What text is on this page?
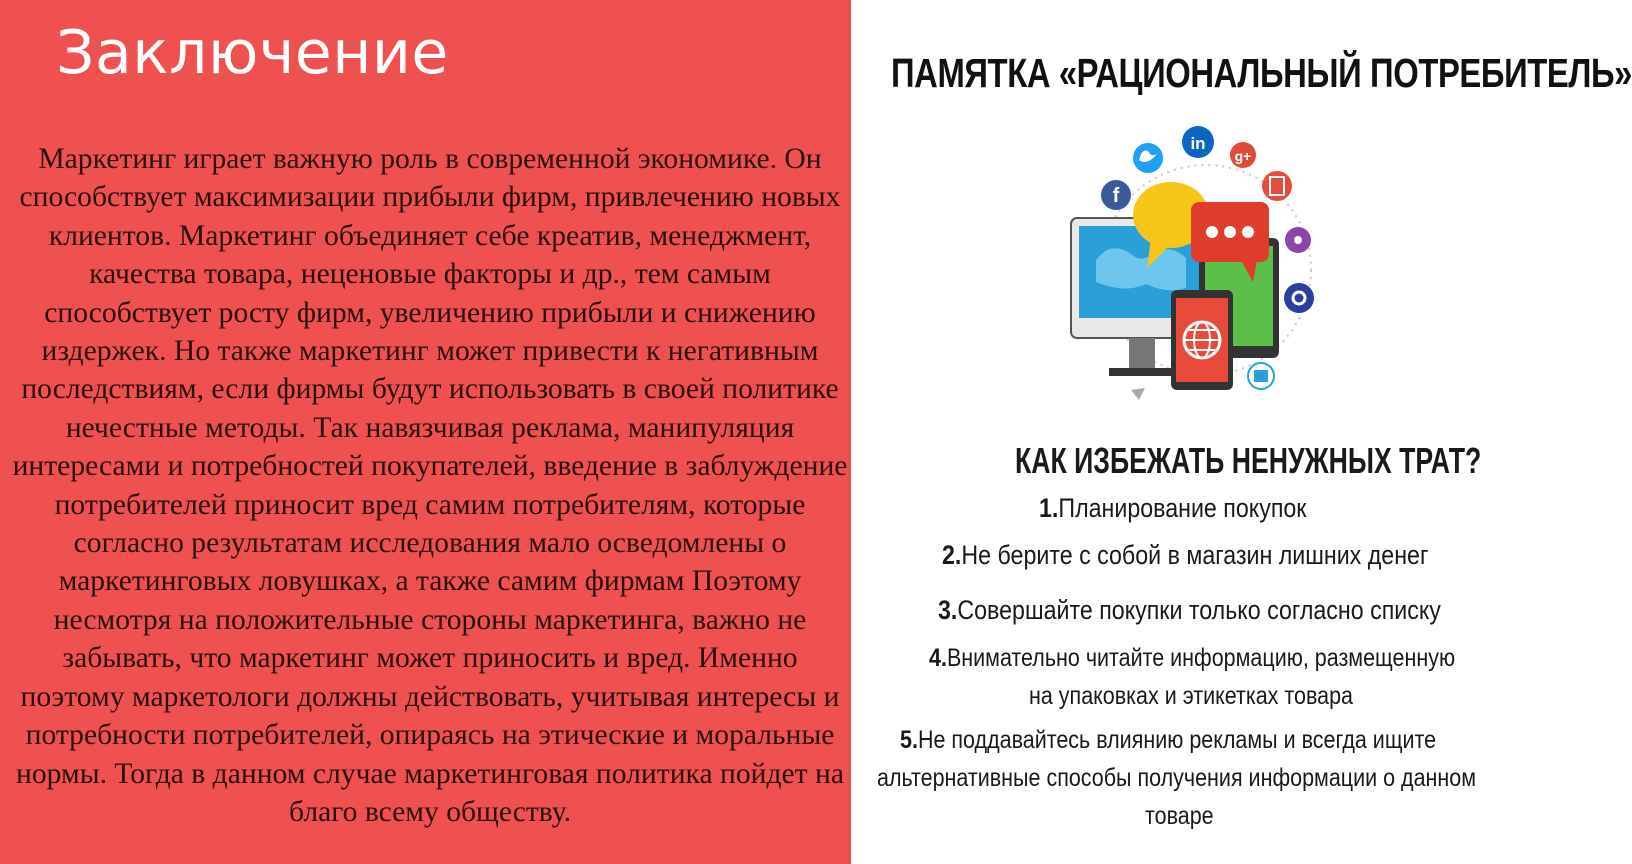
Заключение
Маркетинг играет важную роль в современной экономике. Он способствует максимизации прибыли фирм, привлечению новых клиентов. Маркетинг объединяет себе креатив, менеджмент, качества товара, неценовые факторы и др., тем самым способствует росту фирм, увеличению прибыли и снижению издержек. Но также маркетинг может привести к негативным последствиям, если фирмы будут использовать в своей политике нечестные методы. Так навязчивая реклама, манипуляция интересами и потребностей покупателей, введение в заблуждение потребителей приносит вред самим потребителям, которые согласно результатам исследования мало осведомлены о маркетинговых ловушках, а также самим фирмам Поэтому несмотря на положительные стороны маркетинга, важно не забывать, что маркетинг может приносить и вред. Именно поэтому маркетологи должны действовать, учитывая интересы и потребности потребителей, опираясь на этические и моральные нормы. Тогда в данном случае маркетинговая политика пойдет на благо всему обществу.
ПАМЯТКА «РАЦИОНАЛЬНЫЙ ПОТРЕБИТЕЛЬ»
f
in
g+
КАК ИЗБЕЖАТЬ НЕНУЖНЫХ ТРАТ?
1.Планирование покупок
2.Не берите с собой в магазин лишних денег
3.Совершайте покупки только согласно списку
4.Внимательно читайте информацию, размещенную
на упаковках и этикетках товара
5.Не поддавайтесь влиянию рекламы и всегда ищите
альтернативные способы получения информации о данном
товаре
